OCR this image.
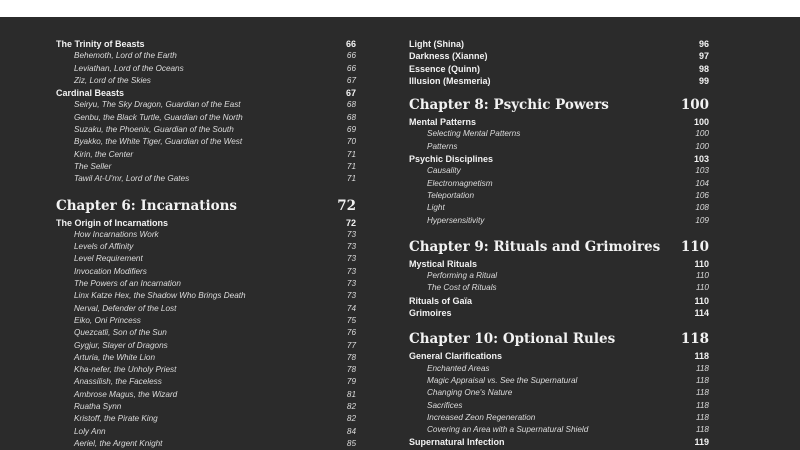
The Trinity of Beasts	66
Behemoth, Lord of the Earth	66
Leviathan, Lord of the Oceans	66
Ziz, Lord of the Skies	67
Cardinal Beasts	67
Seiryu, The Sky Dragon, Guardian of the East	68
Genbu, the Black Turtle, Guardian of the North	68
Suzaku, the Phoenix, Guardian of the South	69
Byakko, the White Tiger, Guardian of the West	70
Kirin, the Center	71
The Seller	71
Tawil At-U'mr, Lord of the Gates	71
Chapter 6: Incarnations	72
The Origin of Incarnations	72
How Incarnations Work	73
Levels of Affinity	73
Level Requirement	73
Invocation Modifiers	73
The Powers of an Incarnation	73
Linx Katze Hex, the Shadow Who Brings Death	73
Nerval, Defender of the Lost	74
Eiko, Oni Princess	75
Quezcatli, Son of the Sun	76
Gygjur, Slayer of Dragons	77
Arturia, the White Lion	78
Kha-nefer, the Unholy Priest	78
Anassilish, the Faceless	79
Ambrose Magus, the Wizard	81
Ruatha Synn	82
Kristoff, the Pirate King	82
Loly Ann	84
Aeriel, the Argent Knight	85
Light (Shina)	96
Darkness (Xianne)	97
Essence (Quinn)	98
Illusion (Mesmeria)	99
Chapter 8: Psychic Powers	100
Mental Patterns	100
Selecting Mental Patterns	100
Patterns	100
Psychic Disciplines	103
Causality	103
Electromagnetism	104
Teleportation	106
Light	108
Hypersensitivity	109
Chapter 9: Rituals and Grimoires 110
Mystical Rituals	110
Performing a Ritual	110
The Cost of Rituals	110
Rituals of Gaïa	110
Grimoires	114
Chapter 10: Optional Rules	118
General Clarifications	118
Enchanted Areas	118
Magic Appraisal vs. See the Supernatural	118
Changing One's Nature	118
Sacrifices	118
Increased Zeon Regeneration	118
Covering an Area with a Supernatural Shield	118
Supernatural Infection	119
